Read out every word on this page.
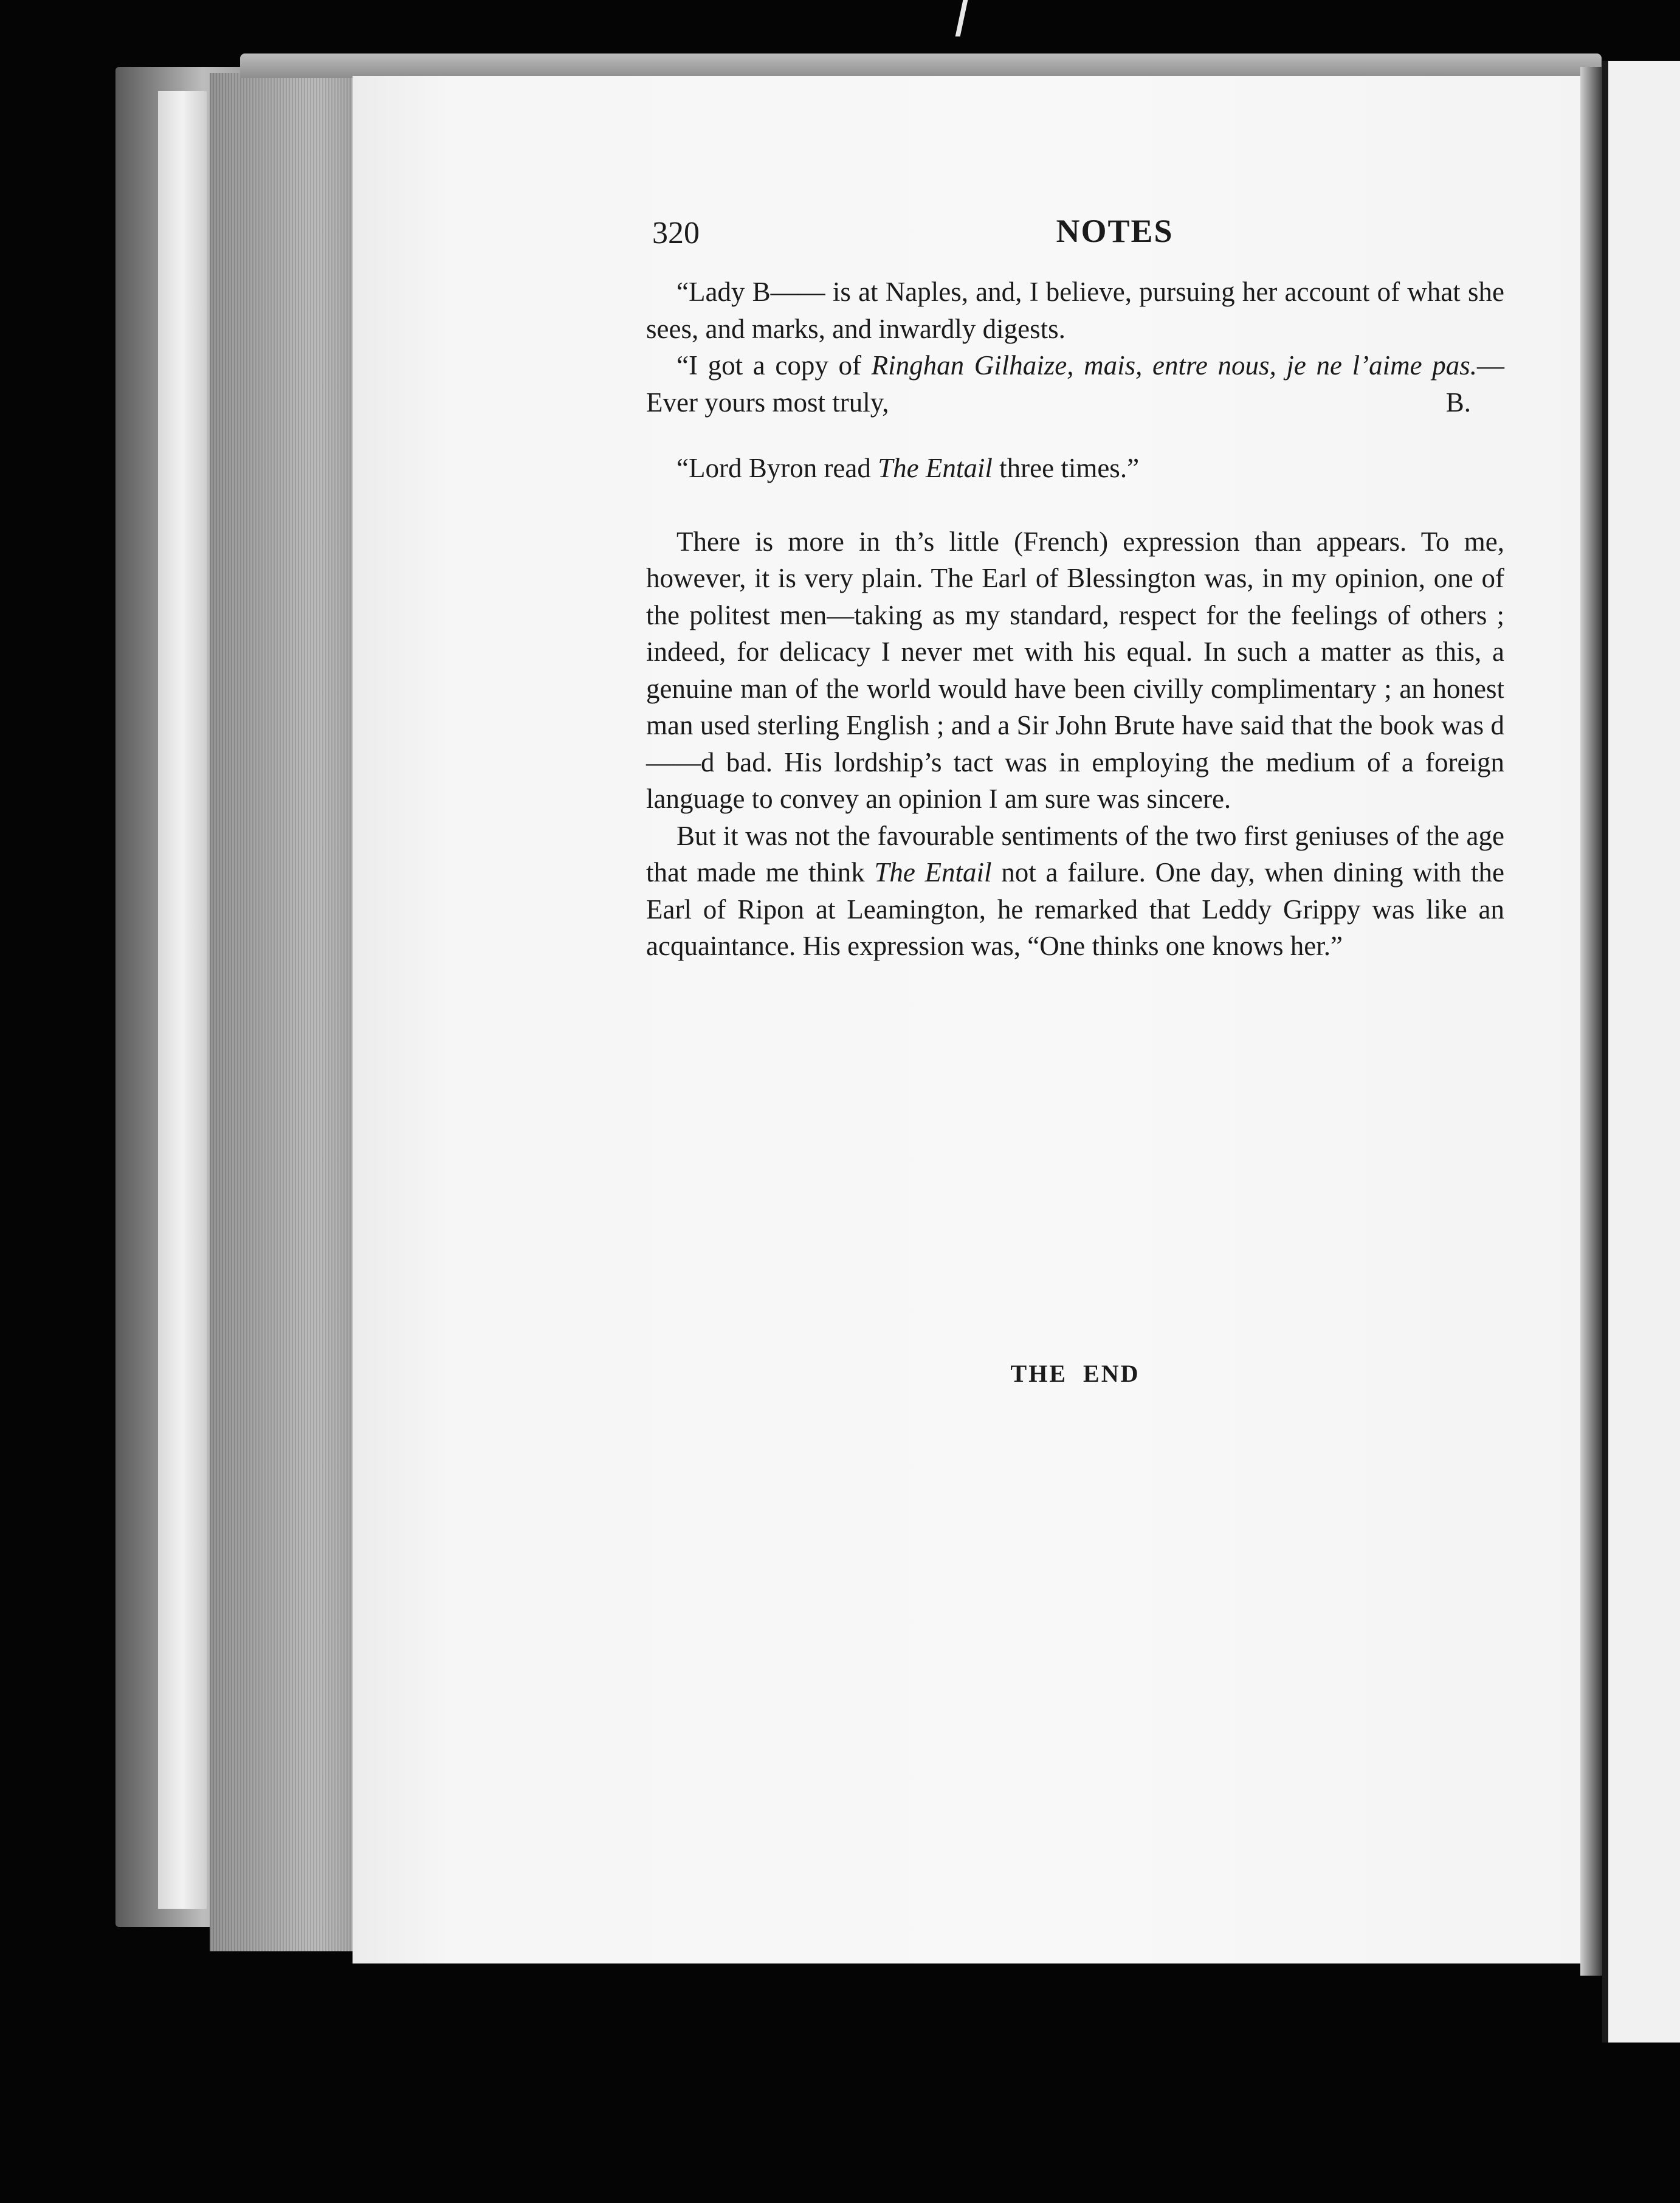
320	NOTES

“Lady B—— is at Naples, and, I believe, pursuing her account of what she sees, and marks, and inwardly digests.

“I got a copy of Ringhan Gilhaize, mais, entre nous, je ne l’aime pas.—Ever yours most truly,	B.

“Lord Byron read The Entail three times.”

There is more in th’s little (French) expression than appears. To me, however, it is very plain. The Earl of Blessington was, in my opinion, one of the politest men—taking as my standard, respect for the feelings of others ; indeed, for delicacy I never met with his equal. In such a matter as this, a genuine man of the world would have been civilly complimentary ; an honest man used sterling English ; and a Sir John Brute have said that the book was d——d bad. His lordship’s tact was in employing the medium of a foreign language to convey an opinion I am sure was sincere.

But it was not the favourable sentiments of the two first geniuses of the age that made me think The Entail not a failure. One day, when dining with the Earl of Ripon at Leamington, he remarked that Leddy Grippy was like an acquaintance. His expression was, “One thinks one knows her.”

THE END
